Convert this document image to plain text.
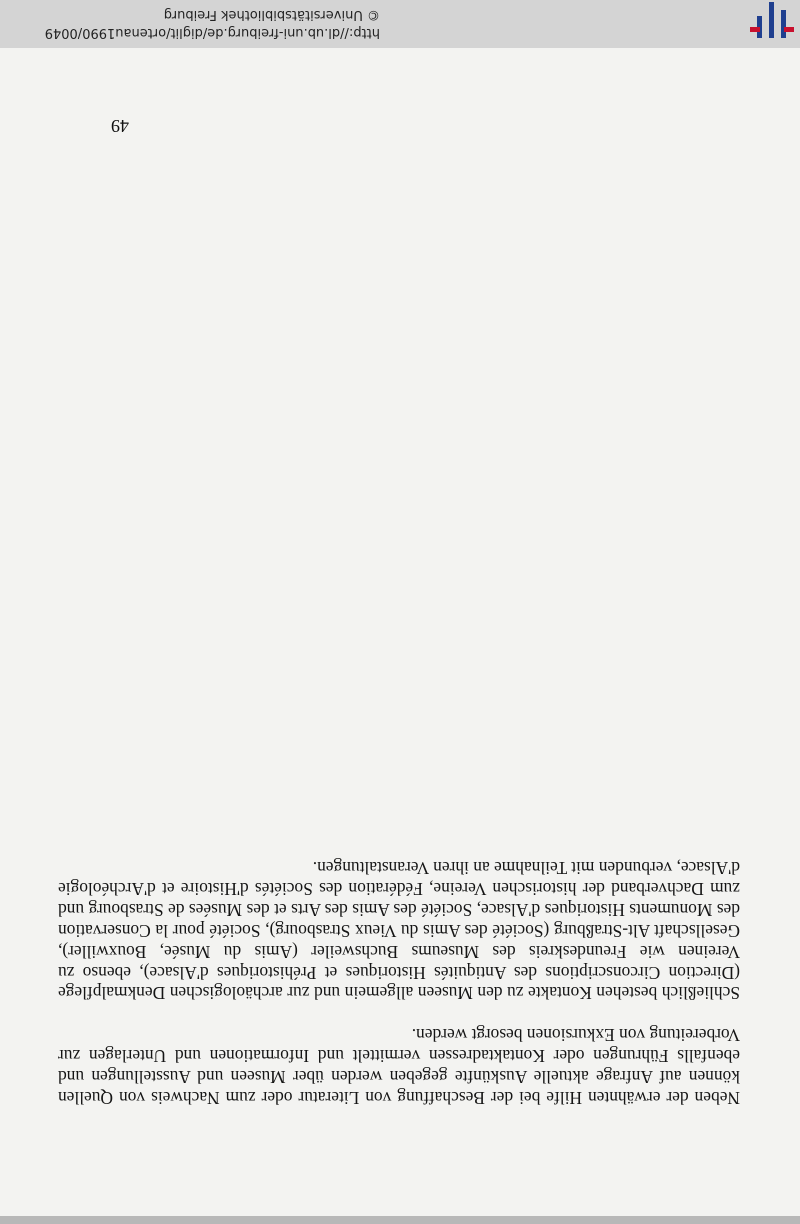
Neben der erwähnten Hilfe bei der Beschaffung von Literatur oder zum Nachweis von Quellen können auf Anfrage aktuelle Auskünfte gegeben werden über Museen und Ausstellungen und ebenfalls Führungen oder Kontaktadressen vermittelt und Informationen und Unterlagen zur Vorbereitung von Exkursionen besorgt werden.

Schließlich bestehen Kontakte zu den Museen allgemein und zur archäologischen Denkmalpflege (Direction Circonscriptions des Antiquités Historiques et Préhistoriques d'Alsace), ebenso zu Vereinen wie Freundeskreis des Museums Buchsweiler (Amis du Musée, Bouxwiller), Gesellschaft Alt-Straßburg (Société des Amis du Vieux Strasbourg), Société pour la Conservation des Monuments Historiques d'Alsace, Société des Amis des Arts et des Musées de Strasbourg und zum Dachverband der historischen Vereine, Fédération des Sociétés d'Histoire et d'Archéologie d'Alsace, verbunden mit Teilnahme an ihren Veranstaltungen.

49
http://dl.ub.uni-freiburg.de/diglit/ortenau1990/0049
© Universitätsbibliothek Freiburg
